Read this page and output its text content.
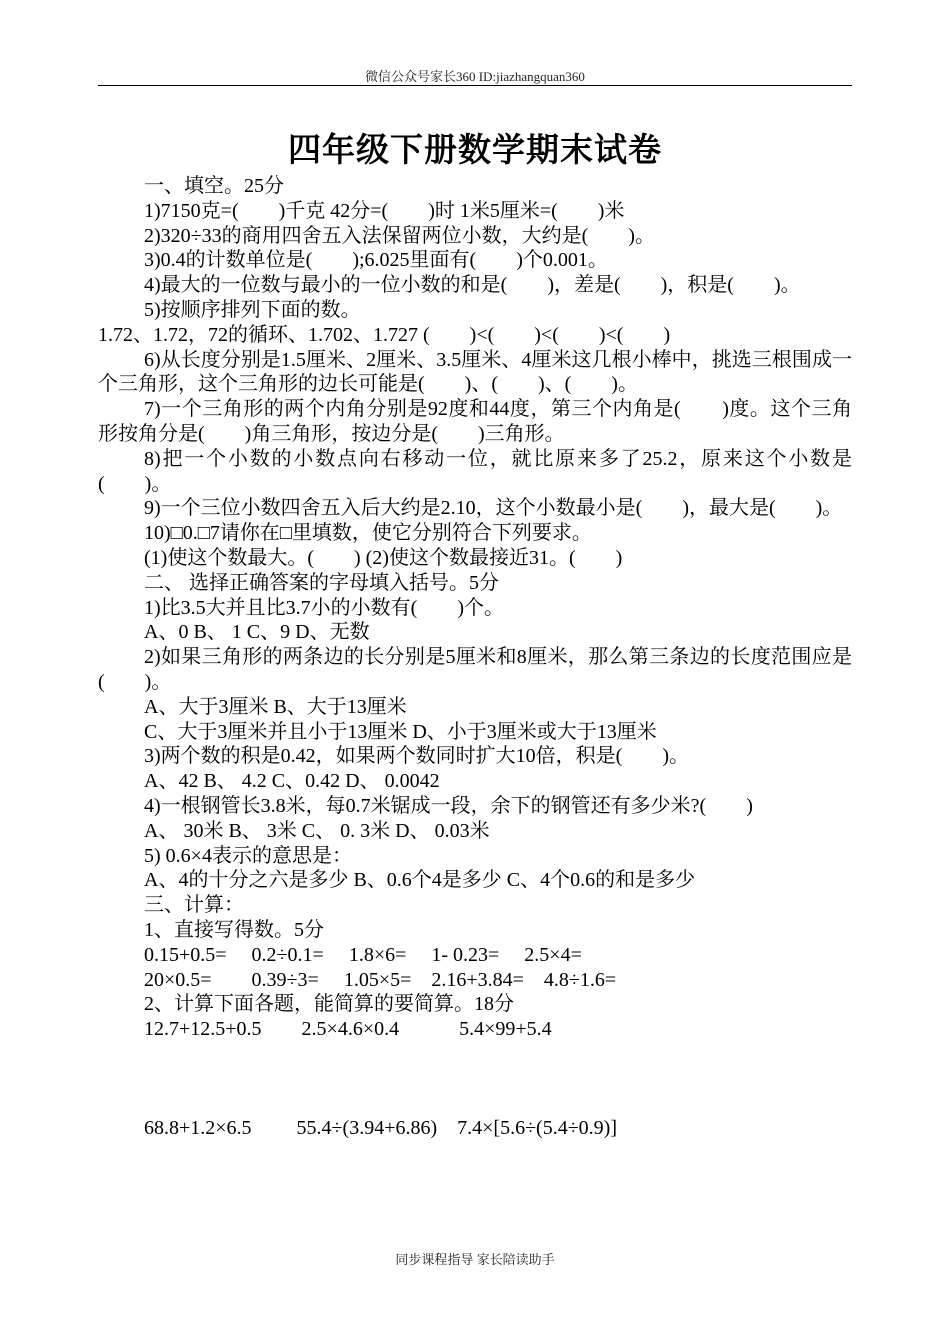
微信公众号家长360 ID:jiazhangquan360
四年级下册数学期末试卷
一、填空。25分
1)7150克=(　　)千克 42分=(　　)时 1米5厘米=(　　)米
2)320÷33的商用四舍五入法保留两位小数，大约是(　　)。
3)0.4的计数单位是(　　);6.025里面有(　　)个0.001。
4)最大的一位数与最小的一位小数的和是(　　)，差是(　　)，积是(　　)。
5)按顺序排列下面的数。
1.72、1.72，72的循环、1.702、1.727 (　　)<(　　)<(　　)<(　　)
6)从长度分别是1.5厘米、2厘米、3.5厘米、4厘米这几根小棒中，挑选三根围成一个三角形，这个三角形的边长可能是(　　)、(　　)、(　　)。
7)一个三角形的两个内角分别是92度和44度，第三个内角是(　　)度。这个三角形按角分是(　　)角三角形，按边分是(　　)三角形。
8)把一个小数的小数点向右移动一位，就比原来多了25.2，原来这个小数是(　　)。
9)一个三位小数四舍五入后大约是2.10，这个小数最小是(　　)，最大是(　　)。
10)□0.□7请你在□里填数，使它分别符合下列要求。
(1)使这个数最大。(　　) (2)使这个数最接近31。(　　)
二、 选择正确答案的字母填入括号。5分
1)比3.5大并且比3.7小的小数有(　　)个。
A、0 B、 1 C、9 D、无数
2)如果三角形的两条边的长分别是5厘米和8厘米，那么第三条边的长度范围应是(　　)。
A、大于3厘米 B、大于13厘米
C、大于3厘米并且小于13厘米 D、小于3厘米或大于13厘米
3)两个数的积是0.42，如果两个数同时扩大10倍，积是(　　)。
A、42 B、 4.2 C、0.42 D、 0.0042
4)一根钢管长3.8米，每0.7米锯成一段，余下的钢管还有多少米?(　　)
A、 30米 B、 3米 C、 0. 3米 D、 0.03米
5) 0.6×4表示的意思是：
A、4的十分之六是多少 B、0.6个4是多少 C、4个0.6的和是多少
三、计算：
1、直接写得数。5分
0.15+0.5=　 0.2÷0.1=　 1.8×6=　 1- 0.23=　 2.5×4=
20×0.5=　　0.39÷3=　 1.05×5=　2.16+3.84=　4.8÷1.6=
2、计算下面各题，能简算的要简算。18分
12.7+12.5+0.5　　2.5×4.6×0.4　　　5.4×99+5.4
68.8+1.2×6.5　　 55.4÷(3.94+6.86)　7.4×[5.6÷(5.4÷0.9)]
同步课程指导 家长陪读助手
